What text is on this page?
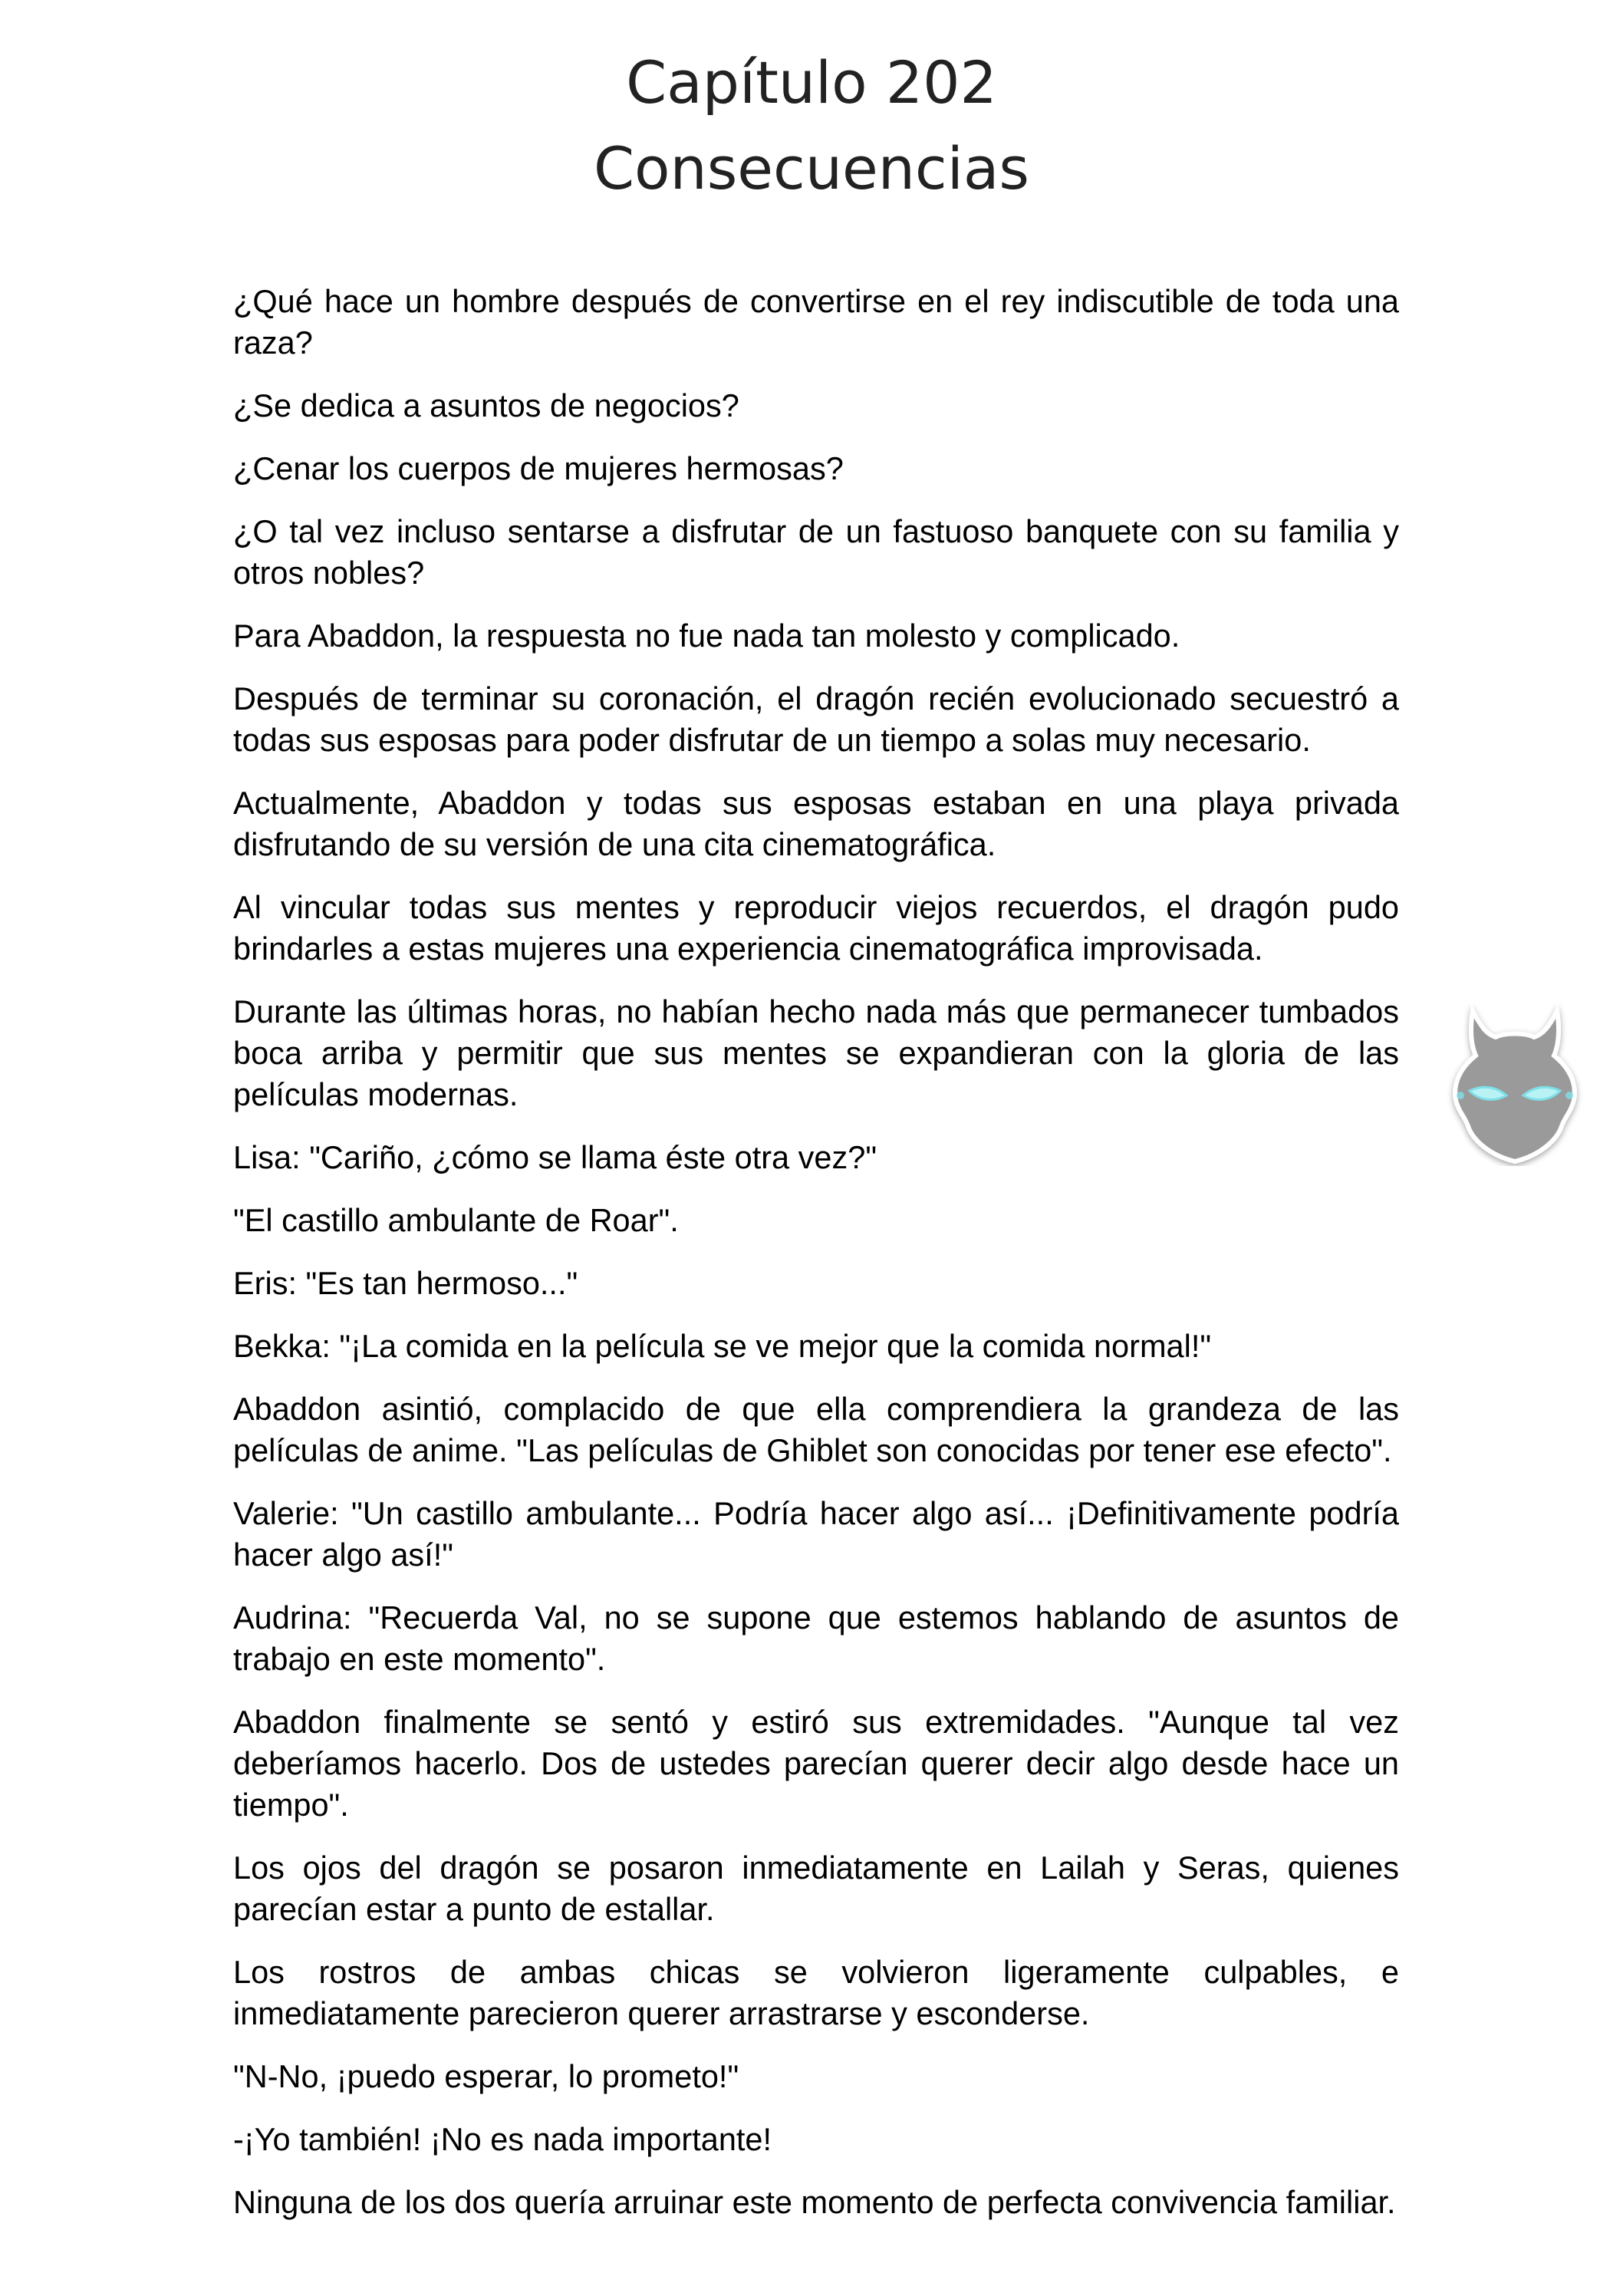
Capítulo 202
Consecuencias

¿Qué hace un hombre después de convertirse en el rey indiscutible de toda una raza?

¿Se dedica a asuntos de negocios?

¿Cenar los cuerpos de mujeres hermosas?

¿O tal vez incluso sentarse a disfrutar de un fastuoso banquete con su familia y otros nobles?

Para Abaddon, la respuesta no fue nada tan molesto y complicado.

Después de terminar su coronación, el dragón recién evolucionado secuestró a todas sus esposas para poder disfrutar de un tiempo a solas muy necesario.

Actualmente, Abaddon y todas sus esposas estaban en una playa privada disfrutando de su versión de una cita cinematográfica.

Al vincular todas sus mentes y reproducir viejos recuerdos, el dragón pudo brindarles a estas mujeres una experiencia cinematográfica improvisada.

Durante las últimas horas, no habían hecho nada más que permanecer tumbados boca arriba y permitir que sus mentes se expandieran con la gloria de las películas modernas.

Lisa: "Cariño, ¿cómo se llama éste otra vez?"

"El castillo ambulante de Roar".

Eris: "Es tan hermoso..."

Bekka: "¡La comida en la película se ve mejor que la comida normal!"

Abaddon asintió, complacido de que ella comprendiera la grandeza de las películas de anime. "Las películas de Ghiblet son conocidas por tener ese efecto".

Valerie: "Un castillo ambulante... Podría hacer algo así... ¡Definitivamente podría hacer algo así!"

Audrina: "Recuerda Val, no se supone que estemos hablando de asuntos de trabajo en este momento".

Abaddon finalmente se sentó y estiró sus extremidades. "Aunque tal vez deberíamos hacerlo. Dos de ustedes parecían querer decir algo desde hace un tiempo".

Los ojos del dragón se posaron inmediatamente en Lailah y Seras, quienes parecían estar a punto de estallar.

Los rostros de ambas chicas se volvieron ligeramente culpables, e inmediatamente parecieron querer arrastrarse y esconderse.

"N-No, ¡puedo esperar, lo prometo!"

-¡Yo también! ¡No es nada importante!

Ninguna de los dos quería arruinar este momento de perfecta convivencia familiar.
